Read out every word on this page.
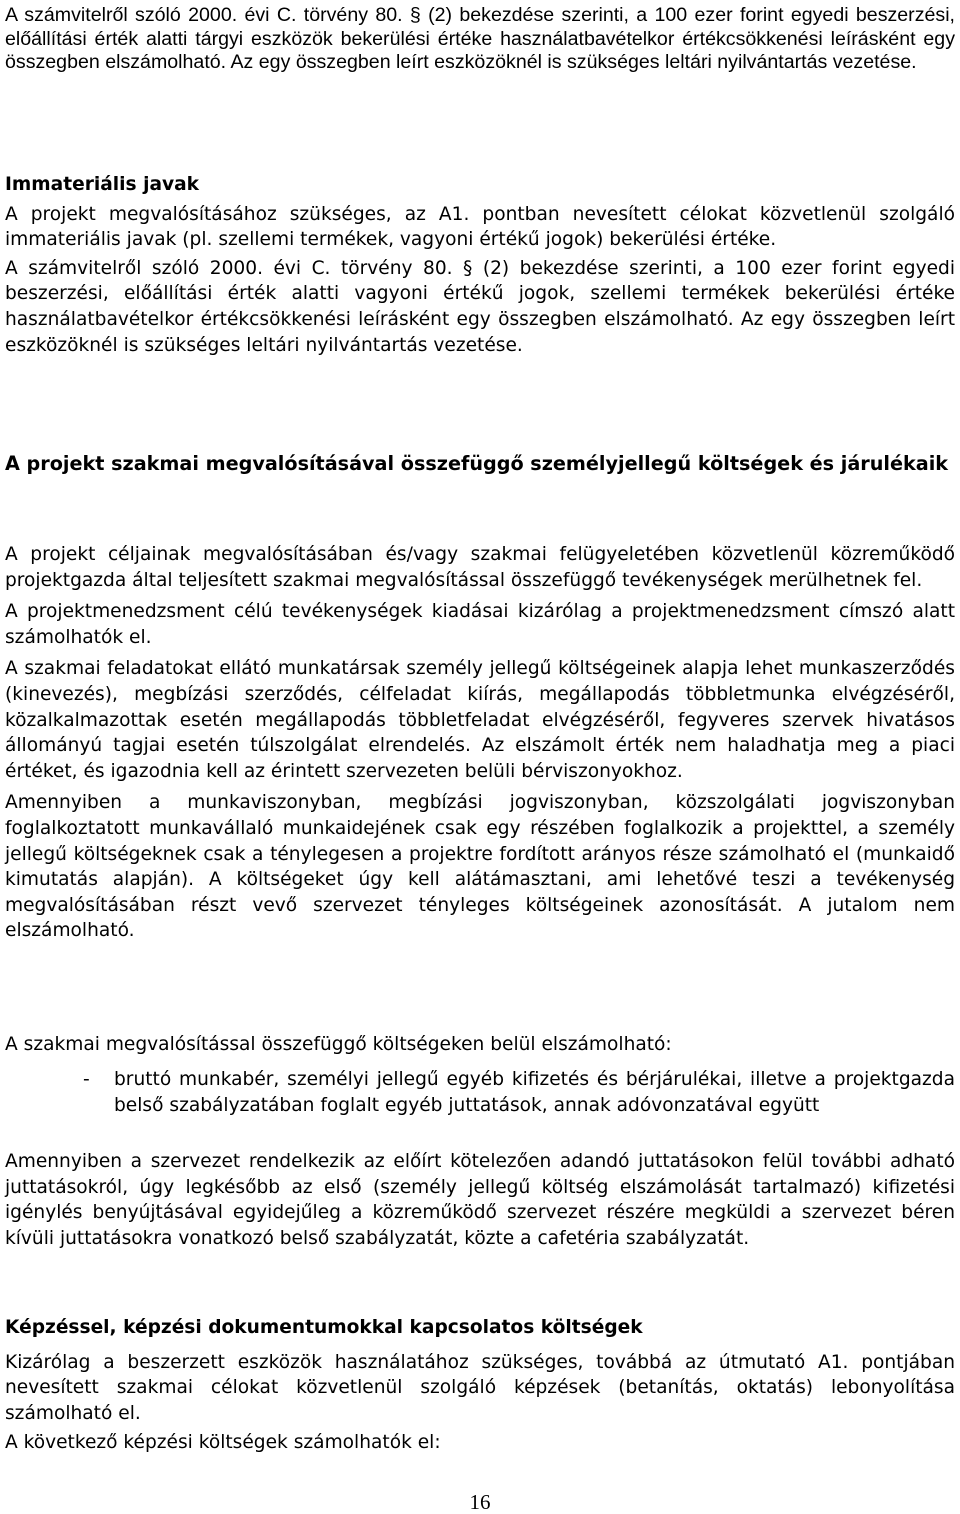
A számvitelről szóló 2000. évi C. törvény 80. § (2) bekezdése szerinti, a 100 ezer forint egyedi beszerzési, előállítási érték alatti tárgyi eszközök bekerülési értéke használatbavételkor értékcsökkenési leírásként egy összegben elszámolható. Az egy összegben leírt eszközöknél is szükséges leltári nyilvántartás vezetése.

Immateriális javak

A projekt megvalósításához szükséges, az A1. pontban nevesített célokat közvetlenül szolgáló immateriális javak (pl. szellemi termékek, vagyoni értékű jogok) bekerülési értéke.

A számvitelről szóló 2000. évi C. törvény 80. § (2) bekezdése szerinti, a 100 ezer forint egyedi beszerzési, előállítási érték alatti vagyoni értékű jogok, szellemi termékek bekerülési értéke használatbavételkor értékcsökkenési leírásként egy összegben elszámolható. Az egy összegben leírt eszközöknél is szükséges leltári nyilvántartás vezetése.

A projekt szakmai megvalósításával összefüggő személyjellegű költségek és járulékaik

A projekt céljainak megvalósításában és/vagy szakmai felügyeletében közvetlenül közreműködő projektgazda által teljesített szakmai megvalósítással összefüggő tevékenységek merülhetnek fel.

A projektmenedzsment célú tevékenységek kiadásai kizárólag a projektmenedzsment címszó alatt számolhatók el.

A szakmai feladatokat ellátó munkatársak személy jellegű költségeinek alapja lehet munkaszerződés (kinevezés), megbízási szerződés, célfeladat kiírás, megállapodás többletmunka elvégzéséről, közalkalmazottak esetén megállapodás többletfeladat elvégzéséről, fegyveres szervek hivatásos állományú tagjai esetén túlszolgálat elrendelés. Az elszámolt érték nem haladhatja meg a piaci értéket, és igazodnia kell az érintett szervezeten belüli bérviszonyokhoz.

Amennyiben a munkaviszonyban, megbízási jogviszonyban, közszolgálati jogviszonyban foglalkoztatott munkavállaló munkaidejének csak egy részében foglalkozik a projekttel, a személy jellegű költségeknek csak a ténylegesen a projektre fordított arányos része számolható el (munkaidő kimutatás alapján). A költségeket úgy kell alátámasztani, ami lehetővé teszi a tevékenység megvalósításában részt vevő szervezet tényleges költségeinek azonosítását. A jutalom nem elszámolható.

A szakmai megvalósítással összefüggő költségeken belül elszámolható:

- bruttó munkabér, személyi jellegű egyéb kifizetés és bérjárulékai, illetve a projektgazda belső szabályzatában foglalt egyéb juttatások, annak adóvonzatával együtt

Amennyiben a szervezet rendelkezik az előírt kötelezően adandó juttatásokon felül további adható juttatásokról, úgy legkésőbb az első (személy jellegű költség elszámolását tartalmazó) kifizetési igénylés benyújtásával egyidejűleg a közreműködő szervezet részére megküldi a szervezet béren kívüli juttatásokra vonatkozó belső szabályzatát, közte a cafetéria szabályzatát.

Képzéssel, képzési dokumentumokkal kapcsolatos költségek

Kizárólag a beszerzett eszközök használatához szükséges, továbbá az útmutató A1. pontjában nevesített szakmai célokat közvetlenül szolgáló képzések (betanítás, oktatás) lebonyolítása számolható el.

A következő képzési költségek számolhatók el:

16
